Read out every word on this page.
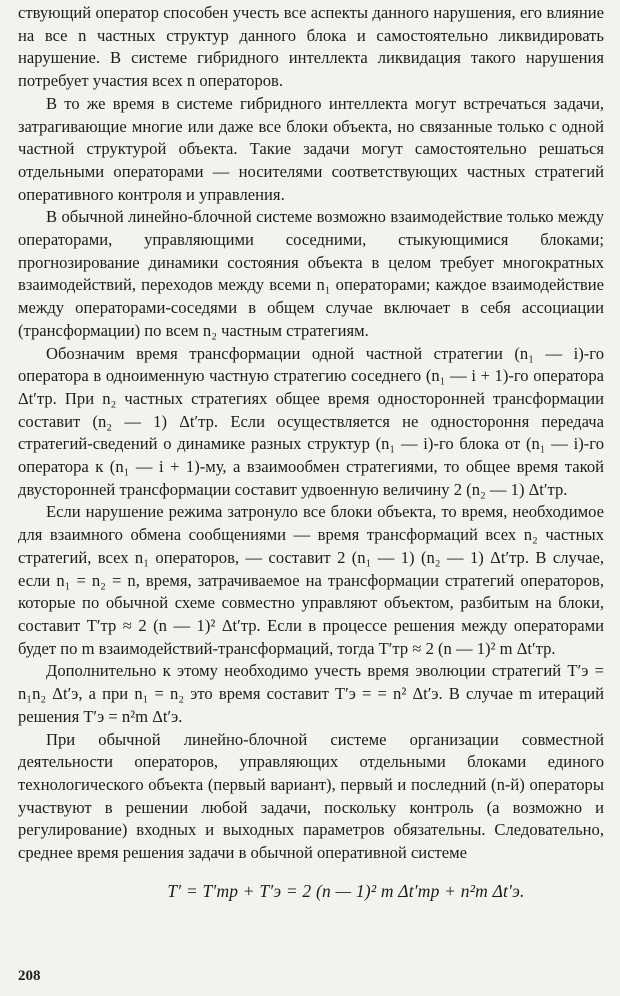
ствующий оператор способен учесть все аспекты данного нарушения, его влияние на все n частных структур данного блока и самостоятельно ликвидировать нарушение. В системе гибридного интеллекта ликвидация такого нарушения потребует участия всех n операторов.

В то же время в системе гибридного интеллекта могут встречаться задачи, затрагивающие многие или даже все блоки объекта, но связанные только с одной частной структурой объекта. Такие задачи могут самостоятельно решаться отдельными операторами — носителями соответствующих частных стратегий оперативного контроля и управления.

В обычной линейно-блочной системе возможно взаимодействие только между операторами, управляющими соседними, стыкующимися блоками; прогнозирование динамики состояния объекта в целом требует многократных взаимодействий, переходов между всеми n₁ операторами; каждое взаимодействие между операторами-соседями в общем случае включает в себя ассоциации (трансформации) по всем n₂ частным стратегиям.

Обозначим время трансформации одной частной стратегии (n₁ — i)-го оператора в одноименную частную стратегию соседнего (n₁ — i + 1)-го оператора Δt′тр. При n₂ частных стратегиях общее время односторонней трансформации составит (n₂ — 1) Δt′тр. Если осуществляется не одностороння передача стратегий-сведений о динамике разных структур (n₁ — i)-го блока от (n₁ — i)-го оператора к (n₁ — i + 1)-му, а взаимообмен стратегиями, то общее время такой двусторонней трансформации составит удвоенную величину 2 (n₂ — 1) Δt′тр.

Если нарушение режима затронуло все блоки объекта, то время, необходимое для взаимного обмена сообщениями — время трансформаций всех n₂ частных стратегий, всех n₁ операторов, — составит 2 (n₁ — 1) (n₂ — 1) Δt′тр. В случае, если n₁ = n₂ = n, время, затрачиваемое на трансформации стратегий операторов, которые по обычной схеме совместно управляют объектом, разбитым на блоки, составит T′тр ≈ 2 (n — 1)² Δt′тр. Если в процессе решения между операторами будет по m взаимодействий-трансформаций, тогда T′тр ≈ 2 (n — 1)² m Δt′тр.

Дополнительно к этому необходимо учесть время эволюции стратегий T′э = n₁n₂ Δt′э, а при n₁ = n₂ это время составит T′э = = n² Δt′э. В случае m итераций решения T′э = n²m Δt′э.

При обычной линейно-блочной системе организации совместной деятельности операторов, управляющих отдельными блоками единого технологического объекта (первый вариант), первый и последний (n-й) операторы участвуют в решении любой задачи, поскольку контроль (а возможно и регулирование) входных и выходных параметров обязательны. Следовательно, среднее время решения задачи в обычной оперативной системе

T′ = T′тр + T′э = 2 (n — 1)² m Δt′тр + n²m Δt′э.
208
